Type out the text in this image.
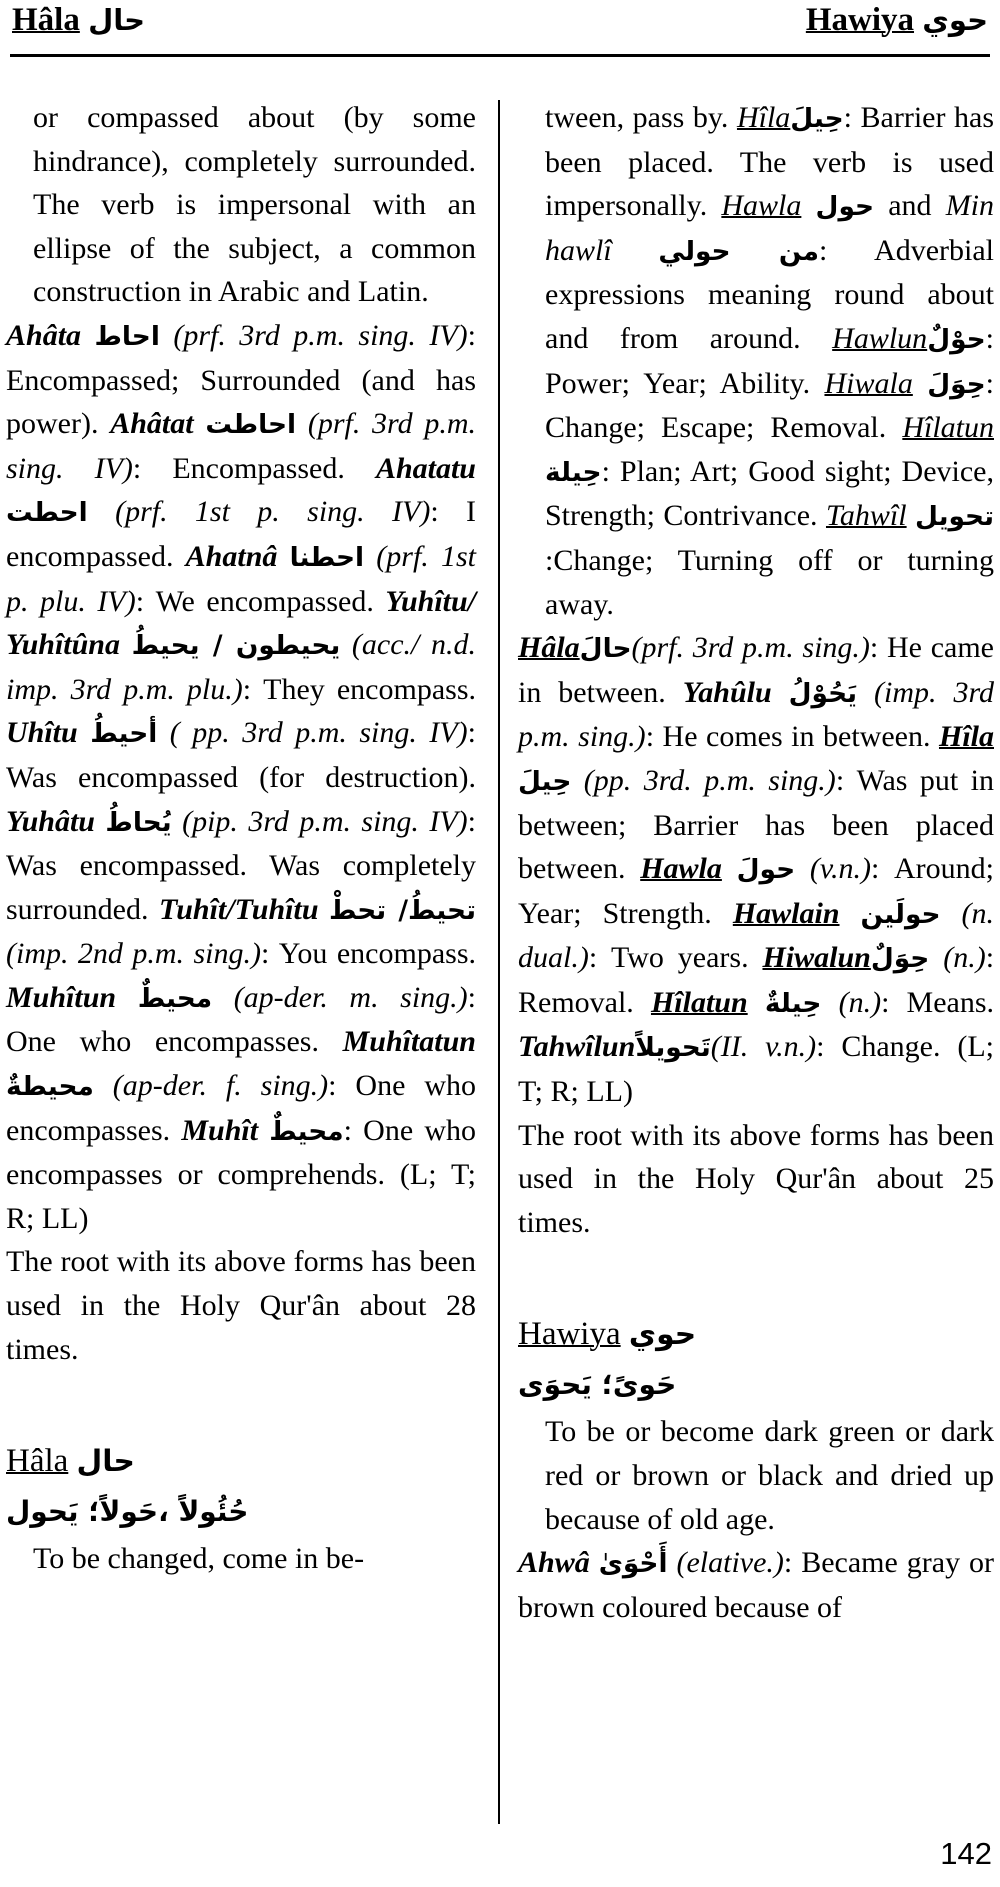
Hâla حال	Hawiya حوي

or compassed about (by some hindrance), completely surrounded. The verb is impersonal with an ellipse of the subject, a common construction in Arabic and Latin.

Ahâta احاط (prf. 3rd p.m. sing. IV): Encompassed; Surrounded (and has power). Ahâtat احاطت (prf. 3rd p.m. sing. IV): Encompassed. Ahatatu احطت (prf. 1st p. sing. IV): I encompassed. Ahatnâ احطنا (prf. 1st p. plu. IV): We encompassed. Yuhîtu/ Yuhîtûna يحيطون / يحيطُ (acc./ n.d. imp. 3rd p.m. plu.): They encompass. Uhîtu أحيطُ ( pp. 3rd p.m. sing. IV): Was encompassed (for destruction). Yuhâtu يُحاطُ (pip. 3rd p.m. sing. IV): Was encompassed. Was completely surrounded. Tuhît/Tuhîtu تحيطُ/ تحطْ (imp. 2nd p.m. sing.): You encompass. Muhîtun محيطٌ (ap-der. m. sing.): One who encompasses. Muhîtatun محيطةٌ (ap-der. f. sing.): One who encompasses. Muhît محيطٌ: One who encompasses or comprehends. (L; T; R; LL)

The root with its above forms has been used in the Holy Qur'ân about 28 times.

Hâla حال

حُئُولاً ،حَولاً؛ يَحول

To be changed, come in be-

tween, pass by. Hîlaحِيلَ: Barrier has been placed. The verb is used impersonally. Hawla حول and Min hawlî من حولي: Adverbial expressions meaning round about and from around. Hawlunحوْلٌ: Power; Year; Ability. Hiwala حِوَلَ: Change; Escape; Removal. Hîlatun حِيلة: Plan; Art; Good sight; Device, Strength; Contrivance. Tahwîl تحويل :Change; Turning off or turning away.

Hâlaحالَ(prf. 3rd p.m. sing.): He came in between. Yahûlu يَحُوْلُ (imp. 3rd p.m. sing.): He comes in between. Hîla حِيلَ (pp. 3rd. p.m. sing.): Was put in between; Barrier has been placed between. Hawla حولَ (v.n.): Around; Year; Strength. Hawlain حولَين (n. dual.): Two years. Hiwalunحِوَلٌ (n.): Removal. Hîlatun حِيلةٌ (n.): Means. Tahwîlunتَحويلاً(II. v.n.): Change. (L; T; R; LL)

The root with its above forms has been used in the Holy Qur'ân about 25 times.

Hawiya حوي

حَوىً؛ يَحوَى

To be or become dark green or dark red or brown or black and dried up because of old age.

Ahwâ أَحْوَىٰ (elative.): Became gray or brown coloured because of

142
